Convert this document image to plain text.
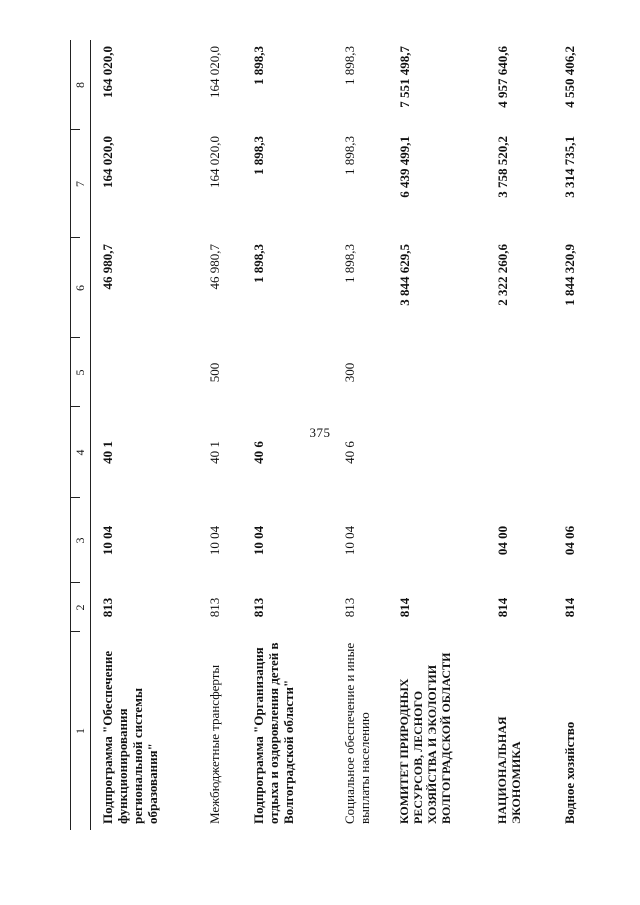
375
1
2
3
4
5
6
7
8
Подпрограмма "Обеспечение функционирования региональной системы образования"
813
10 04
40 1
46 980,7
164 020,0
164 020,0
Межбюджетные трансферты
813
10 04
40 1
500
46 980,7
164 020,0
164 020,0
Подпрограмма "Организация отдыха и оздоровления детей в Волгоградской области"
813
10 04
40 6
1 898,3
1 898,3
1 898,3
Социальное обеспечение и иные выплаты населению
813
10 04
40 6
300
1 898,3
1 898,3
1 898,3
КОМИТЕТ ПРИРОДНЫХ РЕСУРСОВ, ЛЕСНОГО ХОЗЯЙСТВА И ЭКОЛОГИИ ВОЛГОГРАДСКОЙ ОБЛАСТИ
814
3 844 629,5
6 439 499,1
7 551 498,7
НАЦИОНАЛЬНАЯ ЭКОНОМИКА
814
04 00
2 322 260,6
3 758 520,2
4 957 640,6
Водное хозяйство
814
04 06
1 844 320,9
3 314 735,1
4 550 406,2
